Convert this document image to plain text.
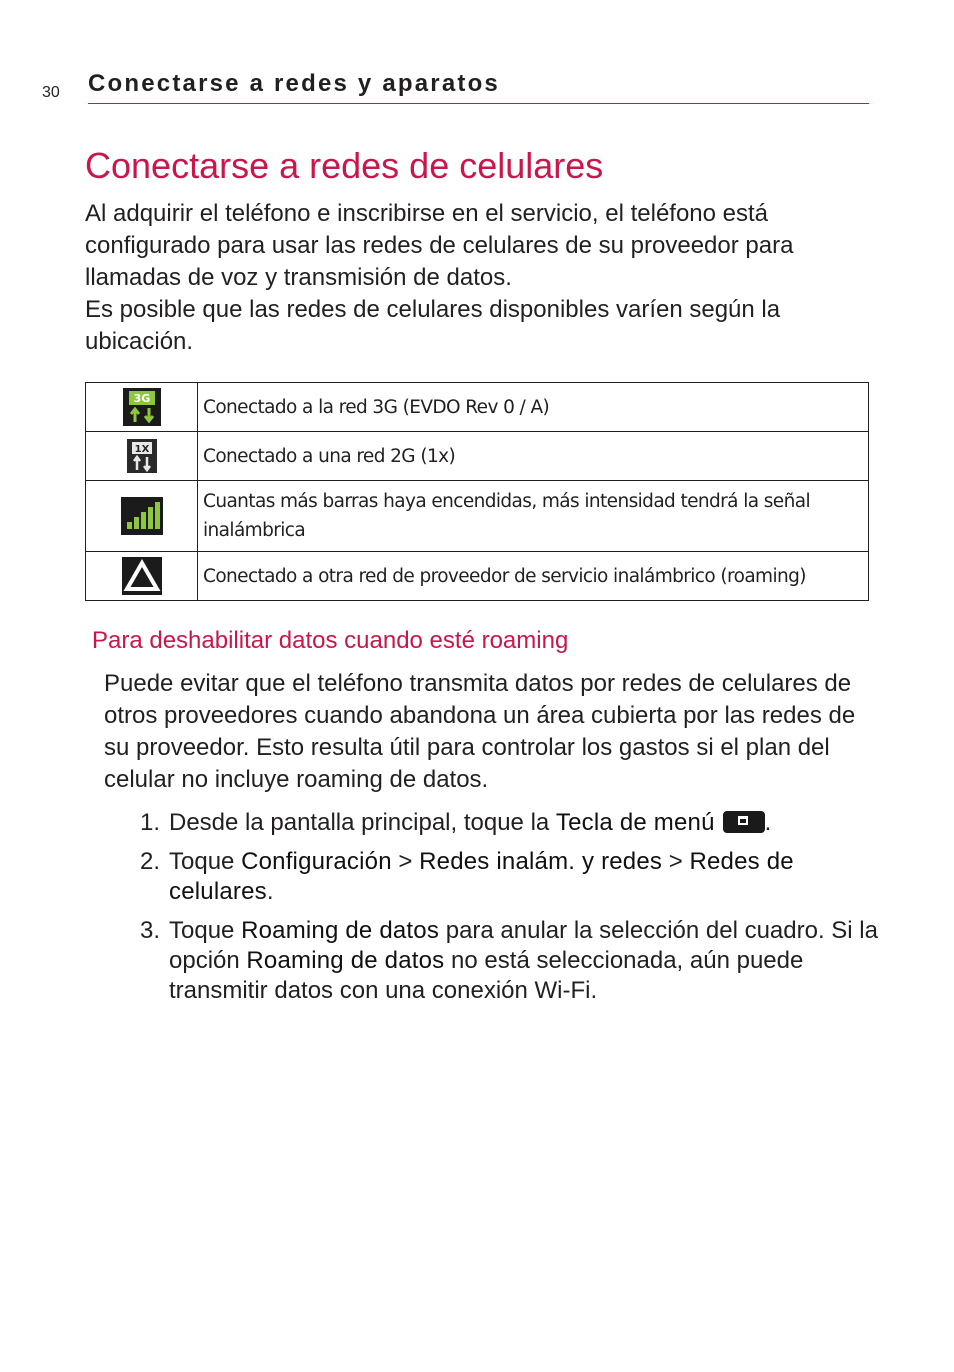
30 Conectarse a redes y aparatos
Conectarse a redes de celulares

Al adquirir el teléfono e inscribirse en el servicio, el teléfono está configurado para usar las redes de celulares de su proveedor para llamadas de voz y transmisión de datos.

Es posible que las redes de celulares disponibles varíen según la ubicación.

3G	Conectado a la red 3G (EVDO Rev 0 / A)

1X	Conectado a una red 2G (1x)
	Cuantas más barras haya encendidas, más intensidad tendrá la señal inalámbrica
	Conectado a otra red de proveedor de servicio inalámbrico (roaming)
Para deshabilitar datos cuando esté roaming

Puede evitar que el teléfono transmita datos por redes de celulares de otros proveedores cuando abandona un área cubierta por las redes de su proveedor. Esto resulta útil para controlar los gastos si el plan del celular no incluye roaming de datos.

1. Desde la pantalla principal, toque la Tecla de menú .
2. Toque Configuración > Redes inalám. y redes > Redes de celulares.
3. Toque Roaming de datos para anular la selección del cuadro. Si la opción Roaming de datos no está seleccionada, aún puede transmitir datos con una conexión Wi-Fi.
